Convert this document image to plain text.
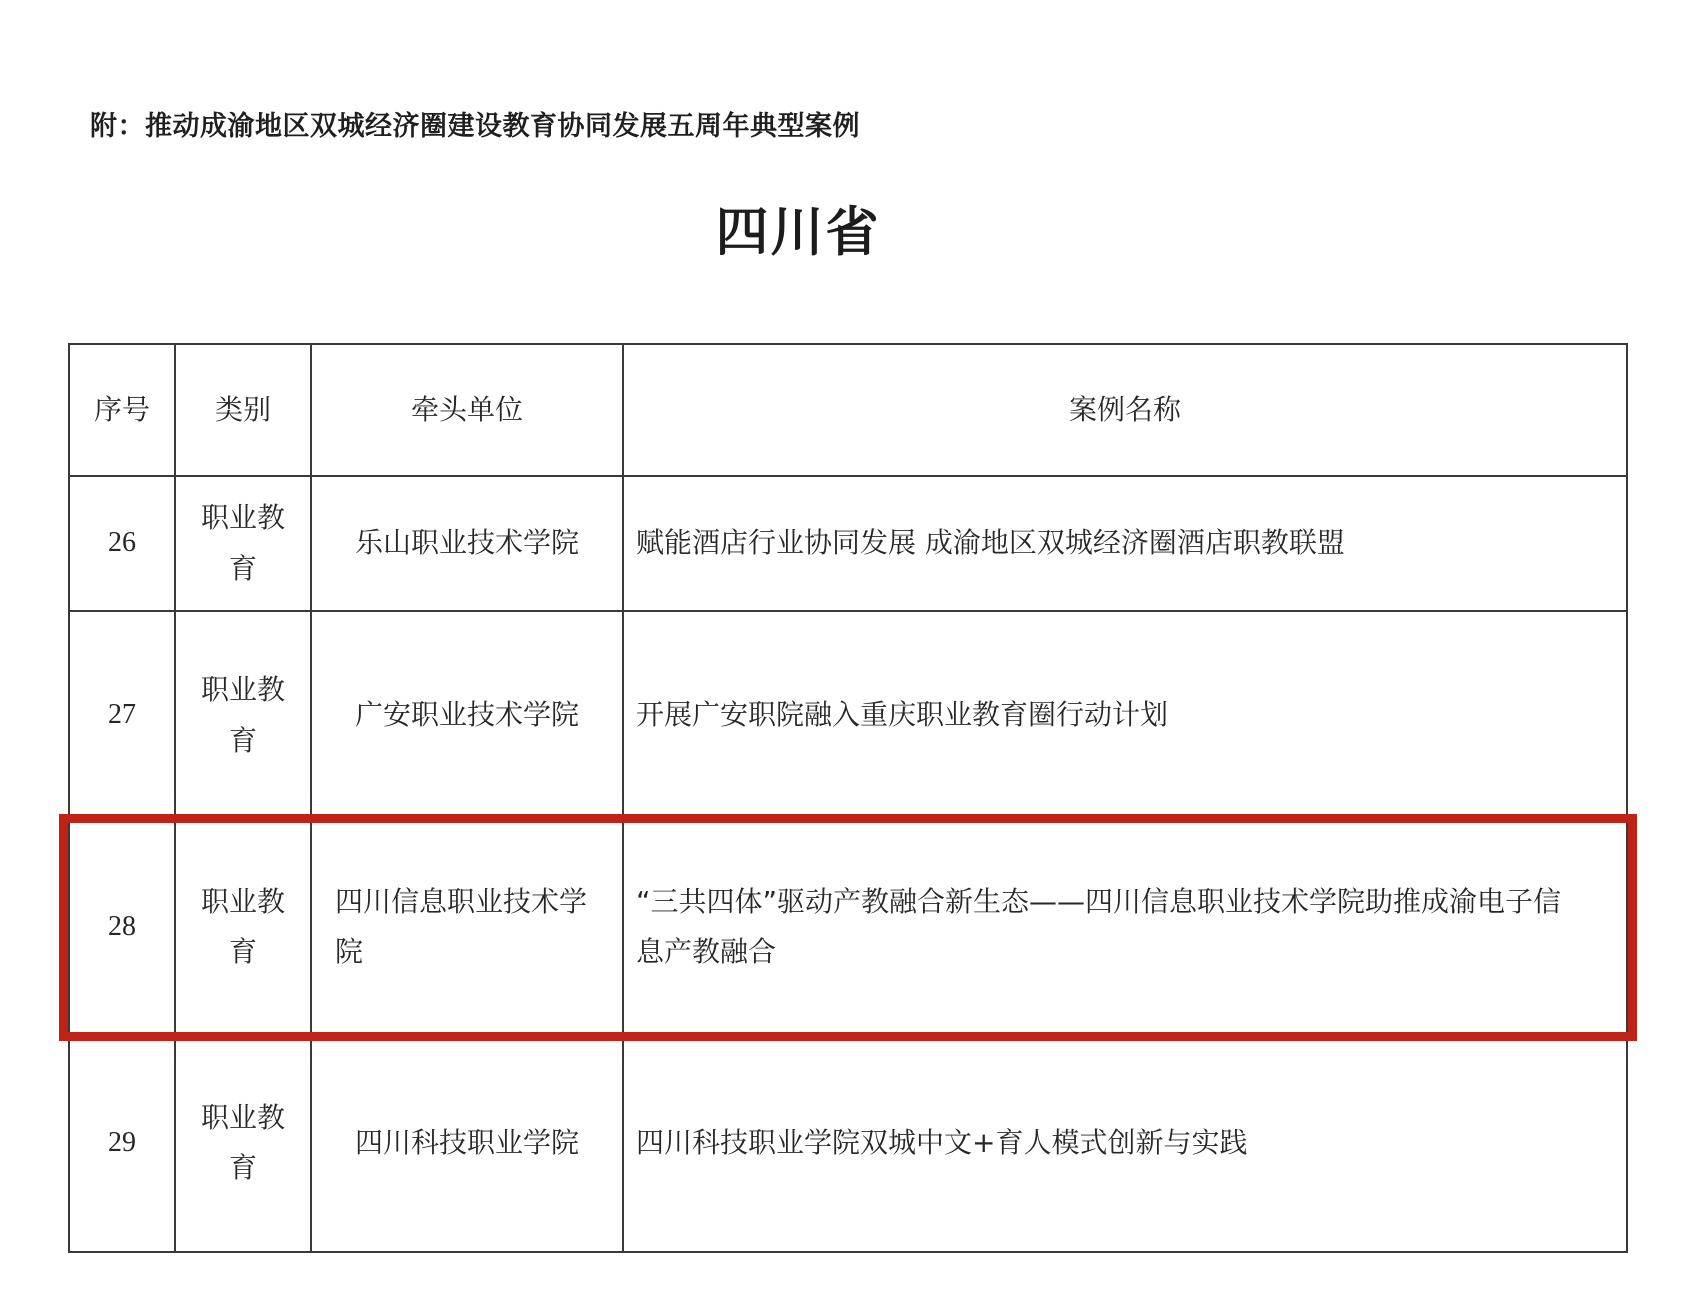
附：推动成渝地区双城经济圈建设教育协同发展五周年典型案例
四川省
序号	类别	牵头单位	案例名称
26	职业教育	乐山职业技术学院	赋能酒店行业协同发展 成渝地区双城经济圈酒店职教联盟
27	职业教育	广安职业技术学院	开展广安职院融入重庆职业教育圈行动计划
28	职业教育	四川信息职业技术学院	“三共四体”驱动产教融合新生态——四川信息职业技术学院助推成渝电子信息产教融合
29	职业教育	四川科技职业学院	四川科技职业学院双城中文+育人模式创新与实践
